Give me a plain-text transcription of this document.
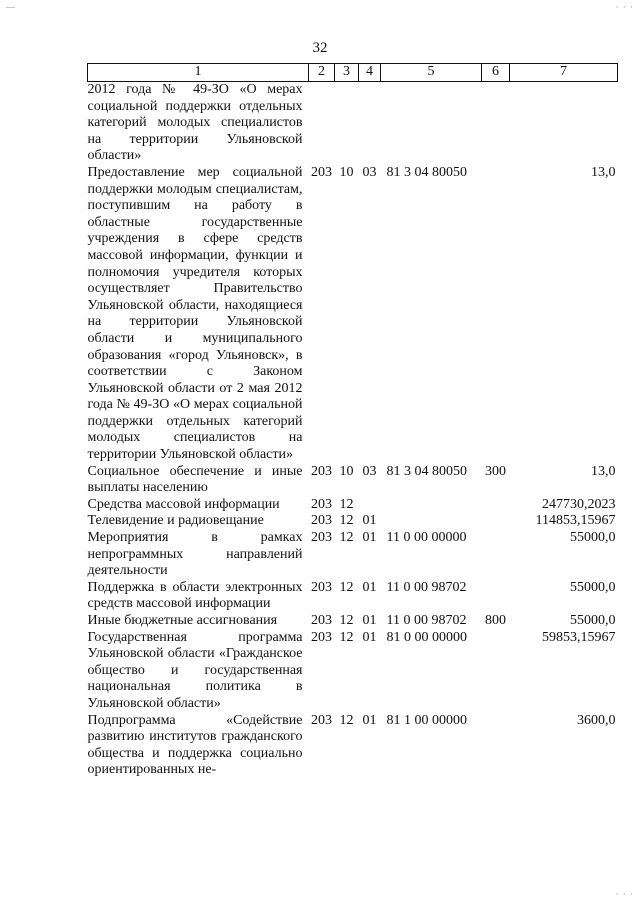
—	· · ·
· · ·
32
1	2	3	4	5	6	7
2012 года № 49-ЗО «О мерах социальной поддержки отдельных категорий молодых специалистов на территории Ульяновской области»						
Предоставление мер социальной поддержки молодым специалистам, поступившим на работу в областные государственные учреждения в сфере средств массовой информации, функции и полномочия учредителя которых осуществляет Правительство Ульяновской области, находящиеся на территории Ульяновской области и муниципального образования «город Ульяновск», в соответствии с Законом Ульяновской области от 2 мая 2012 года № 49-ЗО «О мерах социальной поддержки отдельных категорий молодых специалистов на территории Ульяновской области»	203	10	03	81 3 04 80050		13,0
Социальное обеспечение и иные выплаты населению	203	10	03	81 3 04 80050	300	13,0
Средства массовой информации	203	12				247730,2023
Телевидение и радиовещание	203	12	01			114853,15967
Мероприятия в рамках непрограммных направлений деятельности	203	12	01	11 0 00 00000		55000,0
Поддержка в области электронных средств массовой информации	203	12	01	11 0 00 98702		55000,0
Иные бюджетные ассигнования	203	12	01	11 0 00 98702	800	55000,0
Государственная программа Ульяновской области «Гражданское общество и государственная национальная политика в Ульяновской области»	203	12	01	81 0 00 00000		59853,15967
Подпрограмма «Содействие развитию институтов гражданского общества и поддержка социально ориентированных не-	203	12	01	81 1 00 00000		3600,0
